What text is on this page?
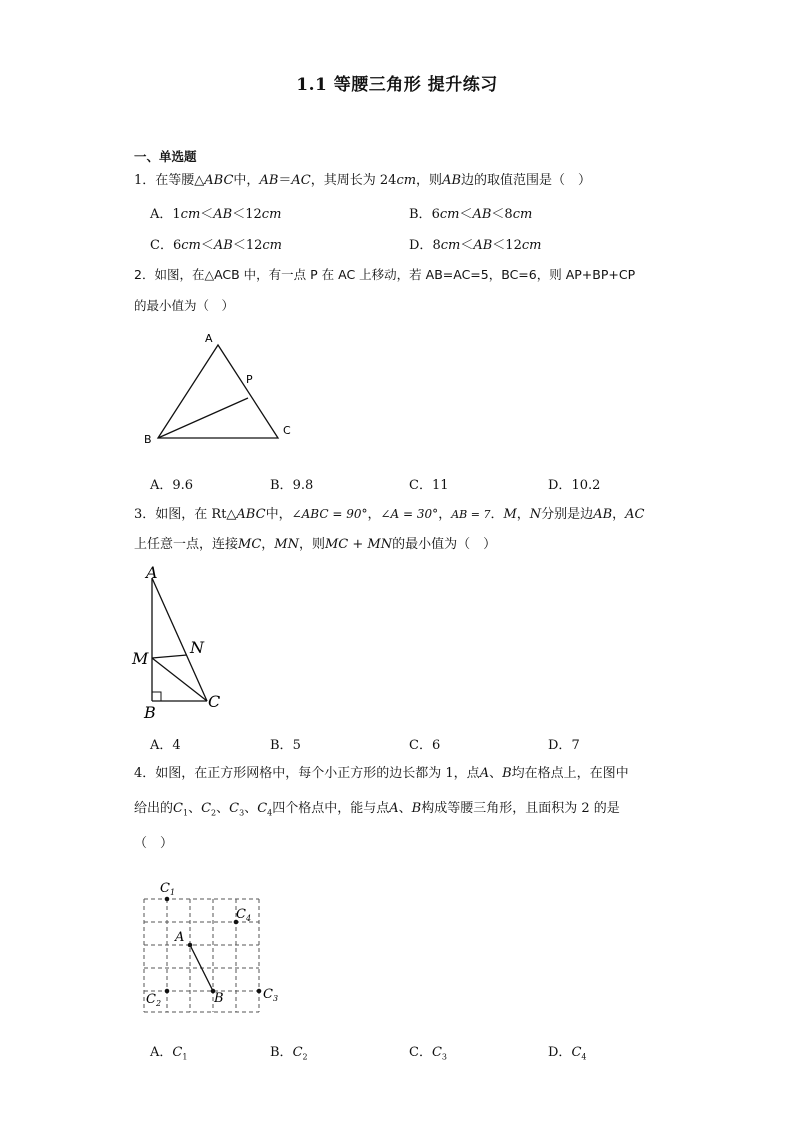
1.1 等腰三角形 提升练习
一、单选题
1．在等腰△ABC中，AB＝AC，其周长为 24cm，则AB边的取值范围是（　）
A．1cm＜AB＜12cm	B．6cm＜AB＜8cm
C．6cm＜AB＜12cm	D．8cm＜AB＜12cm
2．如图，在△ACB 中，有一点 P 在 AC 上移动，若 AB=AC=5，BC=6，则 AP+BP+CP
的最小值为（　）
A
B
C
P
A．9.6	B．9.8	C．11	D．10.2
3．如图，在 Rt△ABC中，∠ABC = 90°，∠A = 30°，AB = 7．M，N分别是边AB，AC
上任意一点，连接MC，MN，则MC + MN的最小值为（　）
A
B
C
M
N
A．4	B．5	C．6	D．7
4．如图，在正方形网格中，每个小正方形的边长都为 1，点A、B均在格点上，在图中
给出的$C_1$、$C_2$、$C_3$、$C_4$四个格点中，能与点A、B构成等腰三角形，且面积为 2 的是
（　）
$C_1$
$C_4$
A
$C_2$	B	$C_3$
A．$C_1$	B．$C_2$	C．$C_3$	D．$C_4$
